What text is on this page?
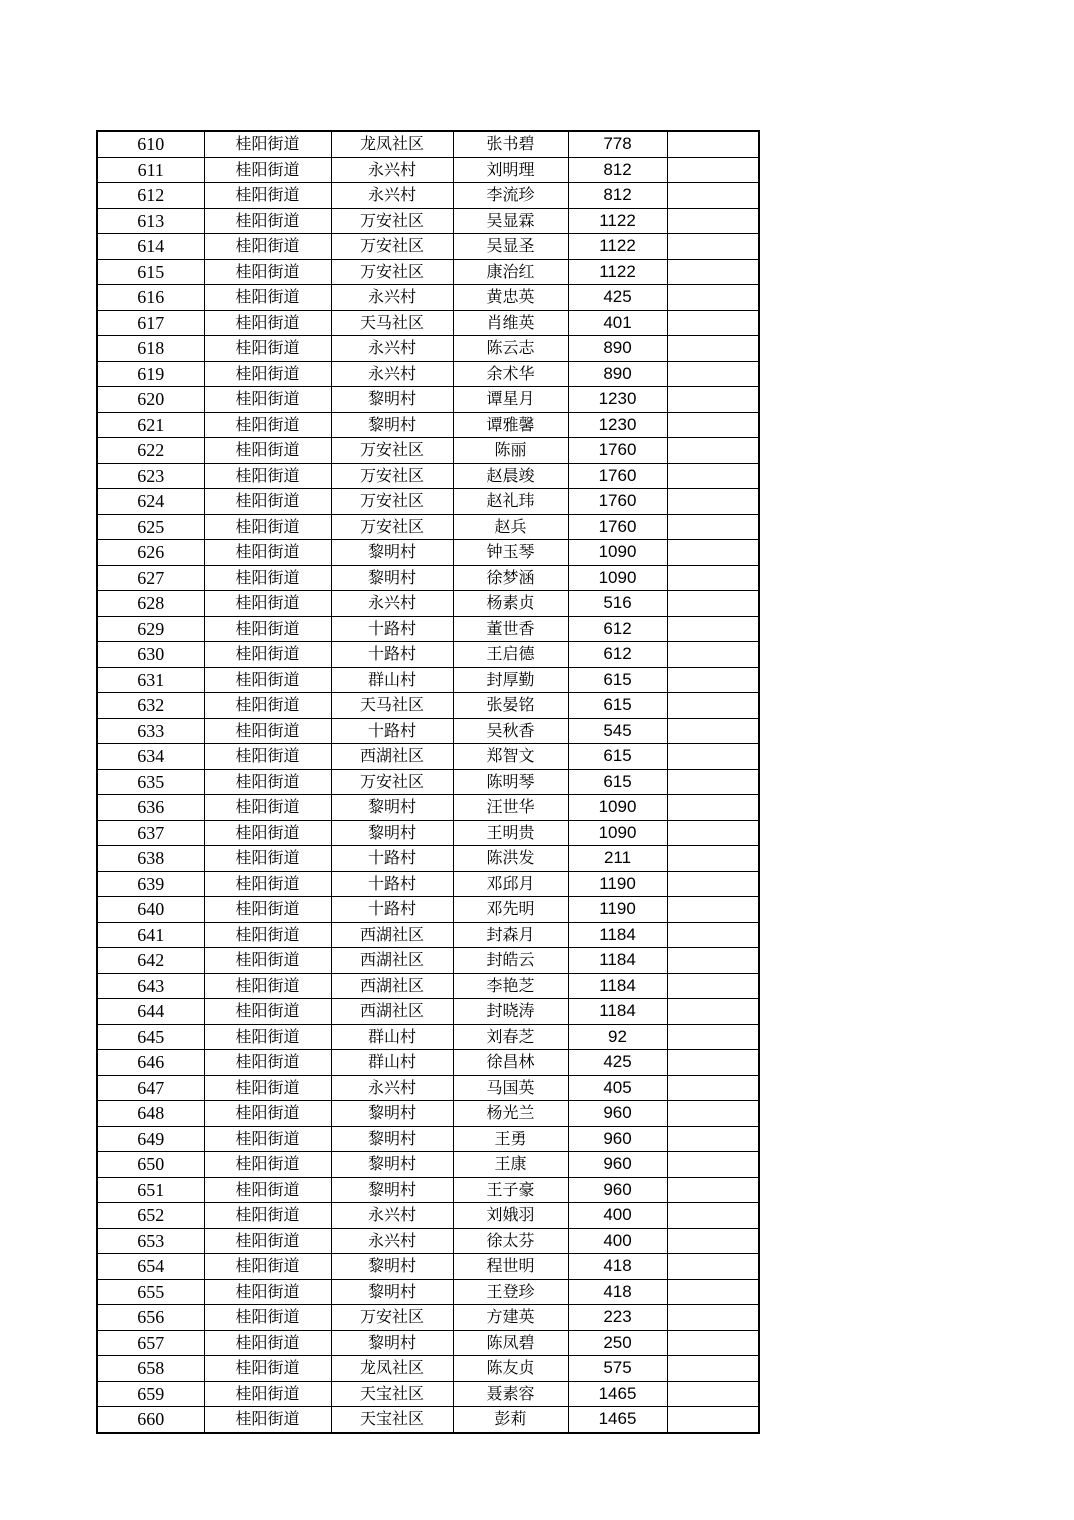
610	桂阳街道	龙凤社区	张书碧	778	
611	桂阳街道	永兴村	刘明理	812	
612	桂阳街道	永兴村	李流珍	812	
613	桂阳街道	万安社区	吴显霖	1122	
614	桂阳街道	万安社区	吴显圣	1122	
615	桂阳街道	万安社区	康治红	1122	
616	桂阳街道	永兴村	黄忠英	425	
617	桂阳街道	天马社区	肖维英	401	
618	桂阳街道	永兴村	陈云志	890	
619	桂阳街道	永兴村	余术华	890	
620	桂阳街道	黎明村	谭星月	1230	
621	桂阳街道	黎明村	谭雅馨	1230	
622	桂阳街道	万安社区	陈丽	1760	
623	桂阳街道	万安社区	赵晨竣	1760	
624	桂阳街道	万安社区	赵礼玮	1760	
625	桂阳街道	万安社区	赵兵	1760	
626	桂阳街道	黎明村	钟玉琴	1090	
627	桂阳街道	黎明村	徐梦涵	1090	
628	桂阳街道	永兴村	杨素贞	516	
629	桂阳街道	十路村	董世香	612	
630	桂阳街道	十路村	王启德	612	
631	桂阳街道	群山村	封厚勤	615	
632	桂阳街道	天马社区	张晏铭	615	
633	桂阳街道	十路村	吴秋香	545	
634	桂阳街道	西湖社区	郑智文	615	
635	桂阳街道	万安社区	陈明琴	615	
636	桂阳街道	黎明村	汪世华	1090	
637	桂阳街道	黎明村	王明贵	1090	
638	桂阳街道	十路村	陈洪发	211	
639	桂阳街道	十路村	邓邱月	1190	
640	桂阳街道	十路村	邓先明	1190	
641	桂阳街道	西湖社区	封森月	1184	
642	桂阳街道	西湖社区	封皓云	1184	
643	桂阳街道	西湖社区	李艳芝	1184	
644	桂阳街道	西湖社区	封晓涛	1184	
645	桂阳街道	群山村	刘春芝	92	
646	桂阳街道	群山村	徐昌林	425	
647	桂阳街道	永兴村	马国英	405	
648	桂阳街道	黎明村	杨光兰	960	
649	桂阳街道	黎明村	王勇	960	
650	桂阳街道	黎明村	王康	960	
651	桂阳街道	黎明村	王子豪	960	
652	桂阳街道	永兴村	刘娥羽	400	
653	桂阳街道	永兴村	徐太芬	400	
654	桂阳街道	黎明村	程世明	418	
655	桂阳街道	黎明村	王登珍	418	
656	桂阳街道	万安社区	方建英	223	
657	桂阳街道	黎明村	陈凤碧	250	
658	桂阳街道	龙凤社区	陈友贞	575	
659	桂阳街道	天宝社区	聂素容	1465	
660	桂阳街道	天宝社区	彭莉	1465	
